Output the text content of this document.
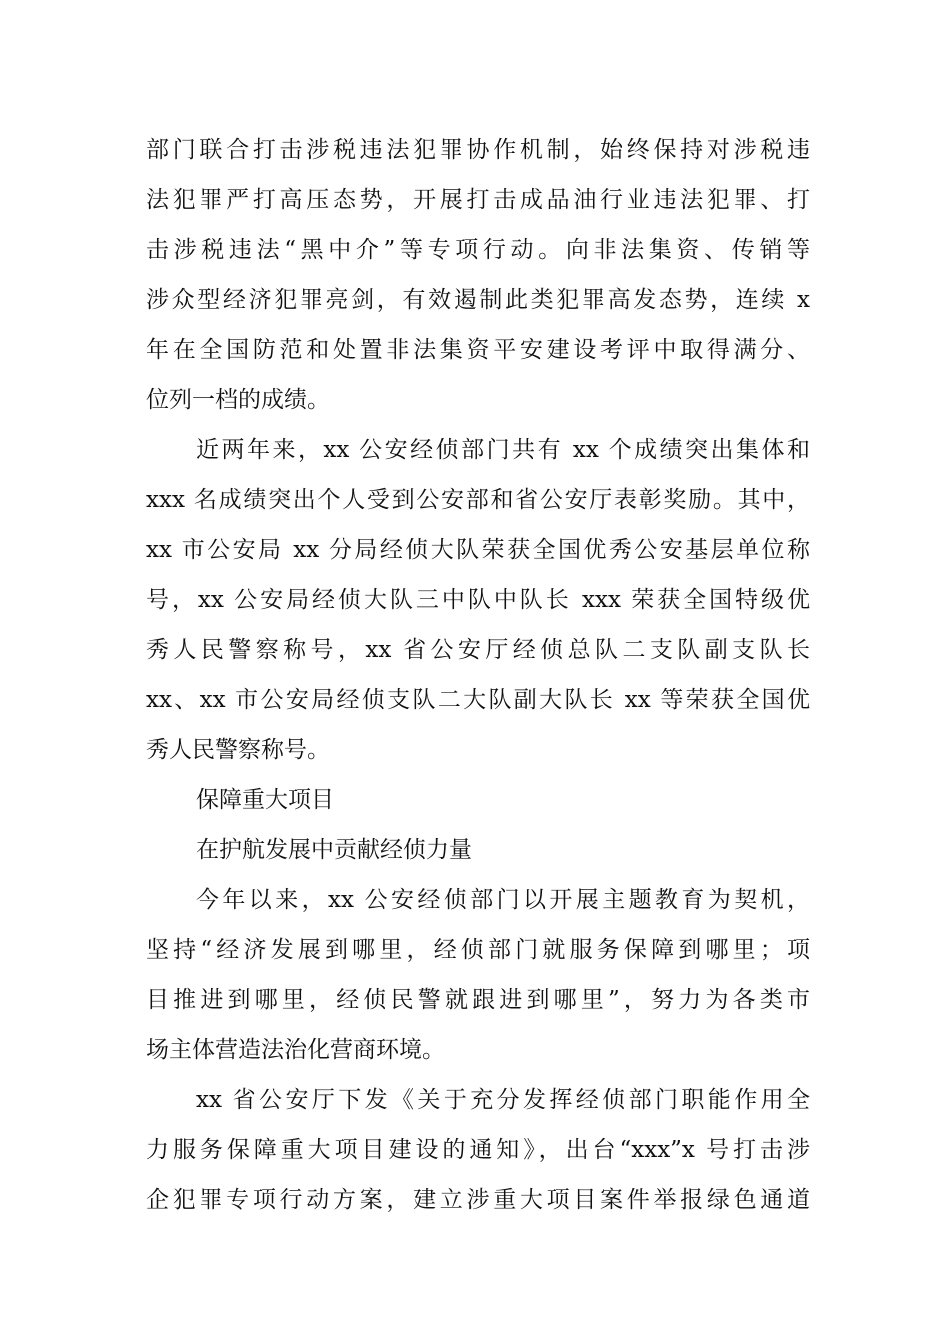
部门联合打击涉税违法犯罪协作机制，始终保持对涉税违
法犯罪严打高压态势，开展打击成品油行业违法犯罪、打
击涉税违法“黑中介”等专项行动。向非法集资、传销等
涉众型经济犯罪亮剑，有效遏制此类犯罪高发态势，连续 x
年在全国防范和处置非法集资平安建设考评中取得满分、
位列一档的成绩。
近两年来，xx 公安经侦部门共有 xx 个成绩突出集体和
xxx 名成绩突出个人受到公安部和省公安厅表彰奖励。其中，
xx 市公安局 xx 分局经侦大队荣获全国优秀公安基层单位称
号，xx 公安局经侦大队三中队中队长 xxx 荣获全国特级优
秀人民警察称号，xx 省公安厅经侦总队二支队副支队长
xx、xx 市公安局经侦支队二大队副大队长 xx 等荣获全国优
秀人民警察称号。
保障重大项目
在护航发展中贡献经侦力量
今年以来，xx 公安经侦部门以开展主题教育为契机，
坚持“经济发展到哪里，经侦部门就服务保障到哪里；项
目推进到哪里，经侦民警就跟进到哪里”，努力为各类市
场主体营造法治化营商环境。
xx 省公安厅下发《关于充分发挥经侦部门职能作用全
力服务保障重大项目建设的通知》，出台“xxx”x 号打击涉
企犯罪专项行动方案，建立涉重大项目案件举报绿色通道
